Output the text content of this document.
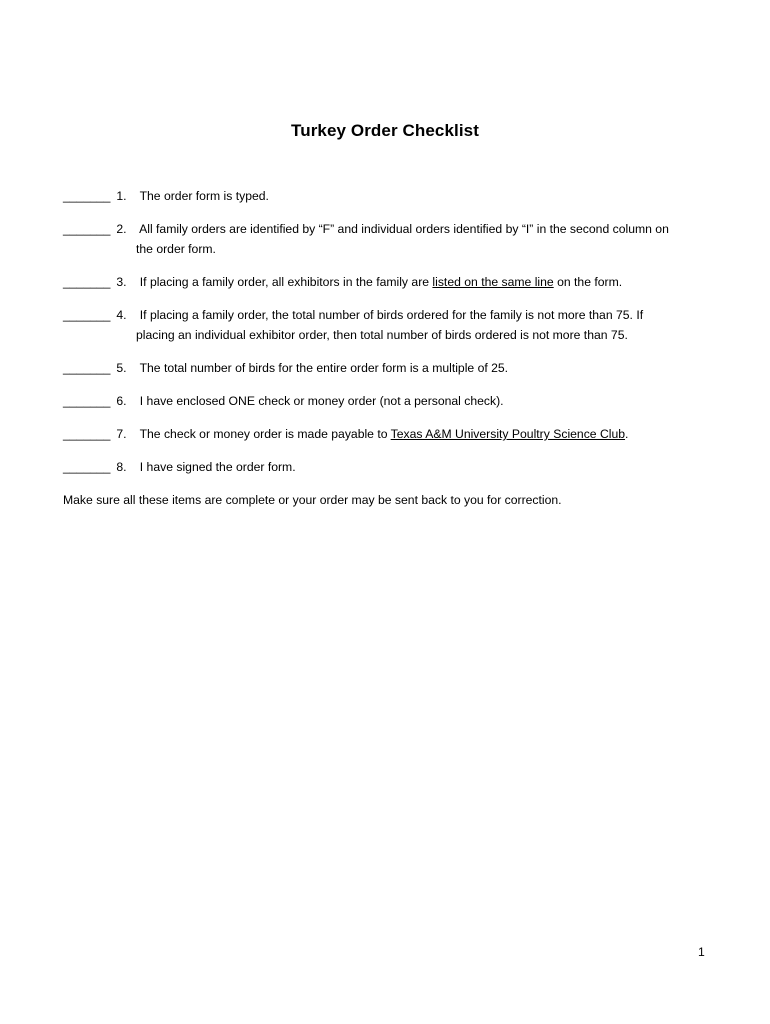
Turkey Order Checklist
_______ 1. The order form is typed.
_______ 2. All family orders are identified by “F” and individual orders identified by “I” in the second column on
the order form.
_______ 3. If placing a family order, all exhibitors in the family are listed on the same line on the form.
_______ 4. If placing a family order, the total number of birds ordered for the family is not more than 75. If
placing an individual exhibitor order, then total number of birds ordered is not more than 75.
_______ 5. The total number of birds for the entire order form is a multiple of 25.
_______ 6. I have enclosed ONE check or money order (not a personal check).
_______ 7. The check or money order is made payable to Texas A&M University Poultry Science Club.
_______ 8. I have signed the order form.
Make sure all these items are complete or your order may be sent back to you for correction.
1
